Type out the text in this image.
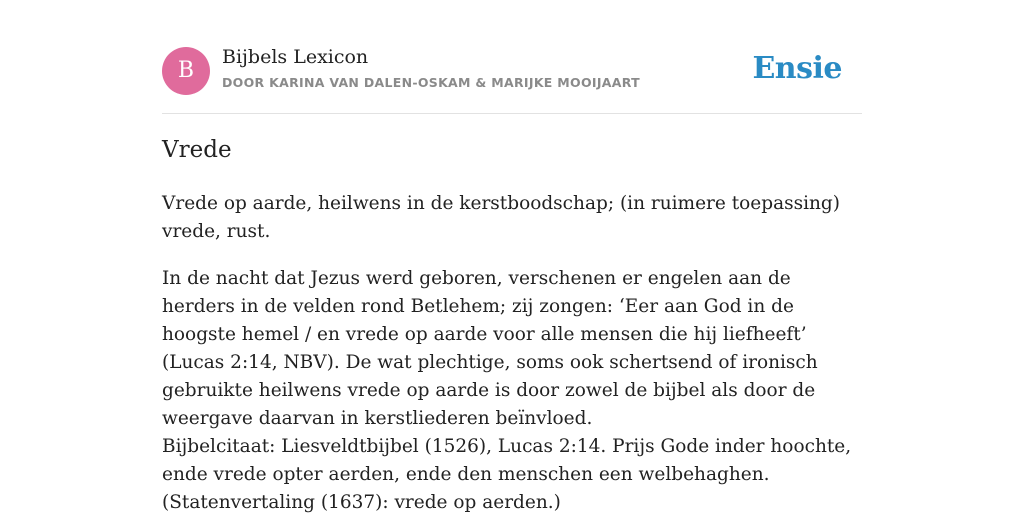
B
Bijbels Lexicon
DOOR KARINA VAN DALEN-OSKAM & MARIJKE MOOIJAART	Ensie
Vrede

Vrede op aarde, heilwens in de kerstboodschap; (in ruimere toepassing) vrede, rust.

In de nacht dat Jezus werd geboren, verschenen er engelen aan de herders in de velden rond Betlehem; zij zongen: ‘Eer aan God in de hoogste hemel / en vrede op aarde voor alle mensen die hij liefheeft’ (Lucas 2:14, NBV). De wat plechtige, soms ook schertsend of ironisch gebruikte heilwens vrede op aarde is door zowel de bijbel als door de weergave daarvan in kerstliederen beïnvloed.

Bijbelcitaat: Liesveldtbijbel (1526), Lucas 2:14. Prijs Gode inder hoochte, ende vrede opter aerden, ende den menschen een welbehaghen. (Statenvertaling (1637): vrede op aerden.)
